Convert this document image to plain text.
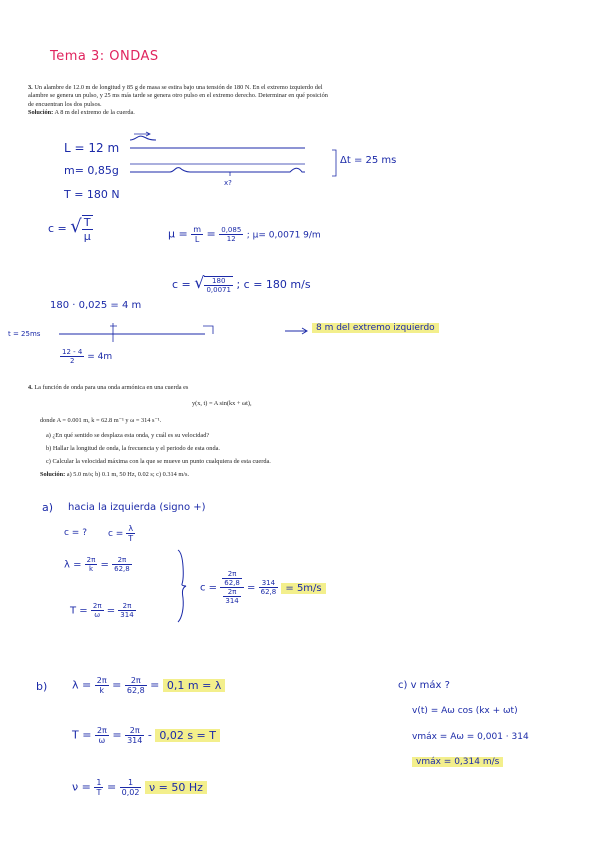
Tema 3: ONDAS
3. Un alambre de 12.0 m de longitud y 85 g de masa se estira bajo una tensión de 180 N. En el extremo izquierdo del alambre se genera un pulso, y 25 ms más tarde se genera otro pulso en el extremo derecho. Determinar en qué posición de encuentran los dos pulsos.
Solución: A 8 m del extremo de la cuerda.
L = 12 m
m= 0,85g
T = 180 N
Δt = 25 ms
x?
c = √ $\frac{T}{\mu}$	$\mu = \frac{m}{L} = \frac{0,085}{12}$ ; μ= 0,0071 9/m
c = √ $\frac{180}{0,0071}$ ; c = 180 m/s
180 · 0,025 = 4 m
t = 25ms
8 m del extremo izquierdo
$\frac{12 - 4}{2} = 4m$
4. La función de onda para una onda armónica en una cuerda es
y(x, t) = A sin(kx + ωt),
donde A = 0.001 m, k = 62.8 m⁻¹ y ω = 314 s⁻¹.
a) ¿En qué sentido se desplaza esta onda, y cuál es su velocidad?
b) Hallar la longitud de onda, la frecuencia y el periodo de esta onda.
c) Calcular la velocidad máxima con la que se mueve un punto cualquiera de esta cuerda.
Solución: a) 5.0 m/s; b) 0.1 m, 50 Hz, 0.02 s; c) 0.314 m/s.
a) hacia la izquierda (signo +)
c = ? $c = \frac{\lambda}{T}$
$\lambda = \frac{2\pi}{k} = \frac{2\pi}{62,8}$
$T = \frac{2\pi}{\omega} = \frac{2\pi}{314}$
$c = \frac{\frac{2\pi}{62,8}}{\frac{2\pi}{314}} = \frac{314}{62,8} = 5m/s$
b) $\lambda = \frac{2\pi}{k} = \frac{2\pi}{62,8} = 0,1$ m = λ
$T = \frac{2\pi}{\omega} = \frac{2\pi}{314} - 0,02$ s = T
$\nu = \frac{1}{T} = \frac{1}{0,02}$ ν = 50 Hz
c) v máx ?
v(t) = Aω cos (kx + ωt)
vmáx = Aω = 0,001 · 314
vmáx = 0,314 m/s
